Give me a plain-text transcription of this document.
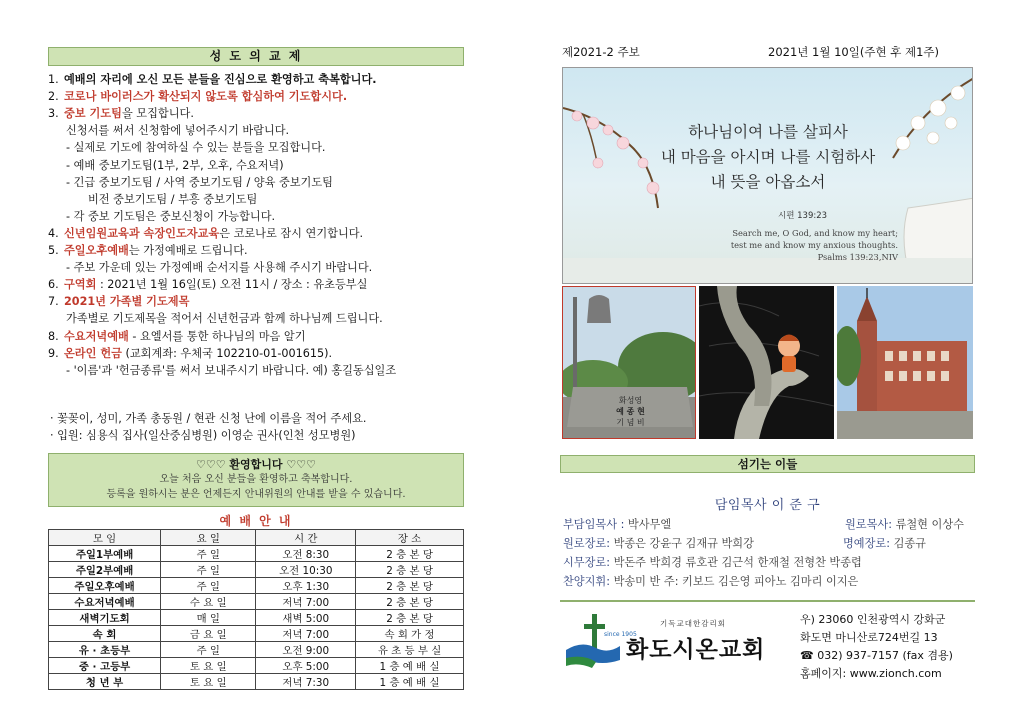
성 도 의 교 제
1. 예배의 자리에 오신 모든 분들을 진심으로 환영하고 축복합니다.
2. 코로나 바이러스가 확산되지 않도록 합심하여 기도합시다.
3. 중보 기도팀을 모집합니다.
신청서를 써서 신청함에 넣어주시기 바랍니다.
- 실제로 기도에 참여하실 수 있는 분들을 모집합니다.
- 예배 중보기도팀(1부, 2부, 오후, 수요저녁)
- 긴급 중보기도팀 / 사역 중보기도팀 / 양육 중보기도팀
비전 중보기도팀 / 부흥 중보기도팀
- 각 중보 기도팀은 중보신청이 가능합니다.
4. 신년임원교육과 속장인도자교육은 코로나로 잠시 연기합니다.
5. 주일오후예배는 가정예배로 드립니다.
- 주보 가운데 있는 가정예배 순서지를 사용해 주시기 바랍니다.
6. 구역회 : 2021년 1월 16일(토) 오전 11시 / 장소 : 유초등부실
7. 2021년 가족별 기도제목
가족별로 기도제목을 적어서 신년헌금과 함께 하나님께 드립니다.
8. 수요저녁예배 - 요엘서를 통한 하나님의 마음 알기
9. 온라인 헌금 (교회계좌: 우체국 102210-01-001615).
- '이름'과 '헌금종류'를 써서 보내주시기 바랍니다. 예) 홍길동십일조
· 꽃꽂이, 성미, 가족 총동원 / 현관 신청 난에 이름을 적어 주세요.
· 입원: 심용식 집사(일산중심병원) 이영순 권사(인천 성모병원)
♡♡♡ 환영합니다 ♡♡♡
오늘 처음 오신 분들을 환영하고 축복합니다.
등록을 원하시는 분은 언제든지 안내위원의 안내를 받을 수 있습니다.
예 배 안 내
모 임	요 일	시 간	장 소
주일1부예배	주 일	오전 8:30	2 층 본 당
주일2부예배	주 일	오전 10:30	2 층 본 당
주일오후예배	주 일	오후 1:30	2 층 본 당
수요저녁예배	수 요 일	저녁 7:00	2 층 본 당
새벽기도회	매 일	새벽 5:00	2 층 본 당
속 회	금 요 일	저녁 7:00	속 회 가 정
유 · 초등부	주 일	오전 9:00	유 초 등 부 실
중 · 고등부	토 요 일	오후 5:00	1 층 예 배 실
청 년 부	토 요 일	저녁 7:30	1 층 예 배 실
제2021-2 주보	2021년 1월 10일(주현 후 제1주)
하나님이여 나를 살피사
내 마음을 아시며 나를 시험하사
내 뜻을 아옵소서
시편 139:23
Search me, O God, and know my heart;
test me and know my anxious thoughts.
Psalms 139:23,NIV
화성영
예 종 현
기 념 비
섬기는 이들
담임목사 이 준 구
부담임목사 : 박사무엘	원로목사: 류철현 이상수
원로장로: 박종은 강윤구 김재규 박희강	명예장로: 김종규
시무장로: 박돈주 박희경 류호관 김근석 한재철 전형찬 박종렵
찬양지휘: 박송미 반 주: 키보드 김은영 피아노 김마리 이지은
since 1905
기독교대한감리회
화도시온교회
우) 23060 인천광역시 강화군
화도면 마니산로724번길 13
☎ 032) 937-7157 (fax 겸용)
홈페이지: www.zionch.com
